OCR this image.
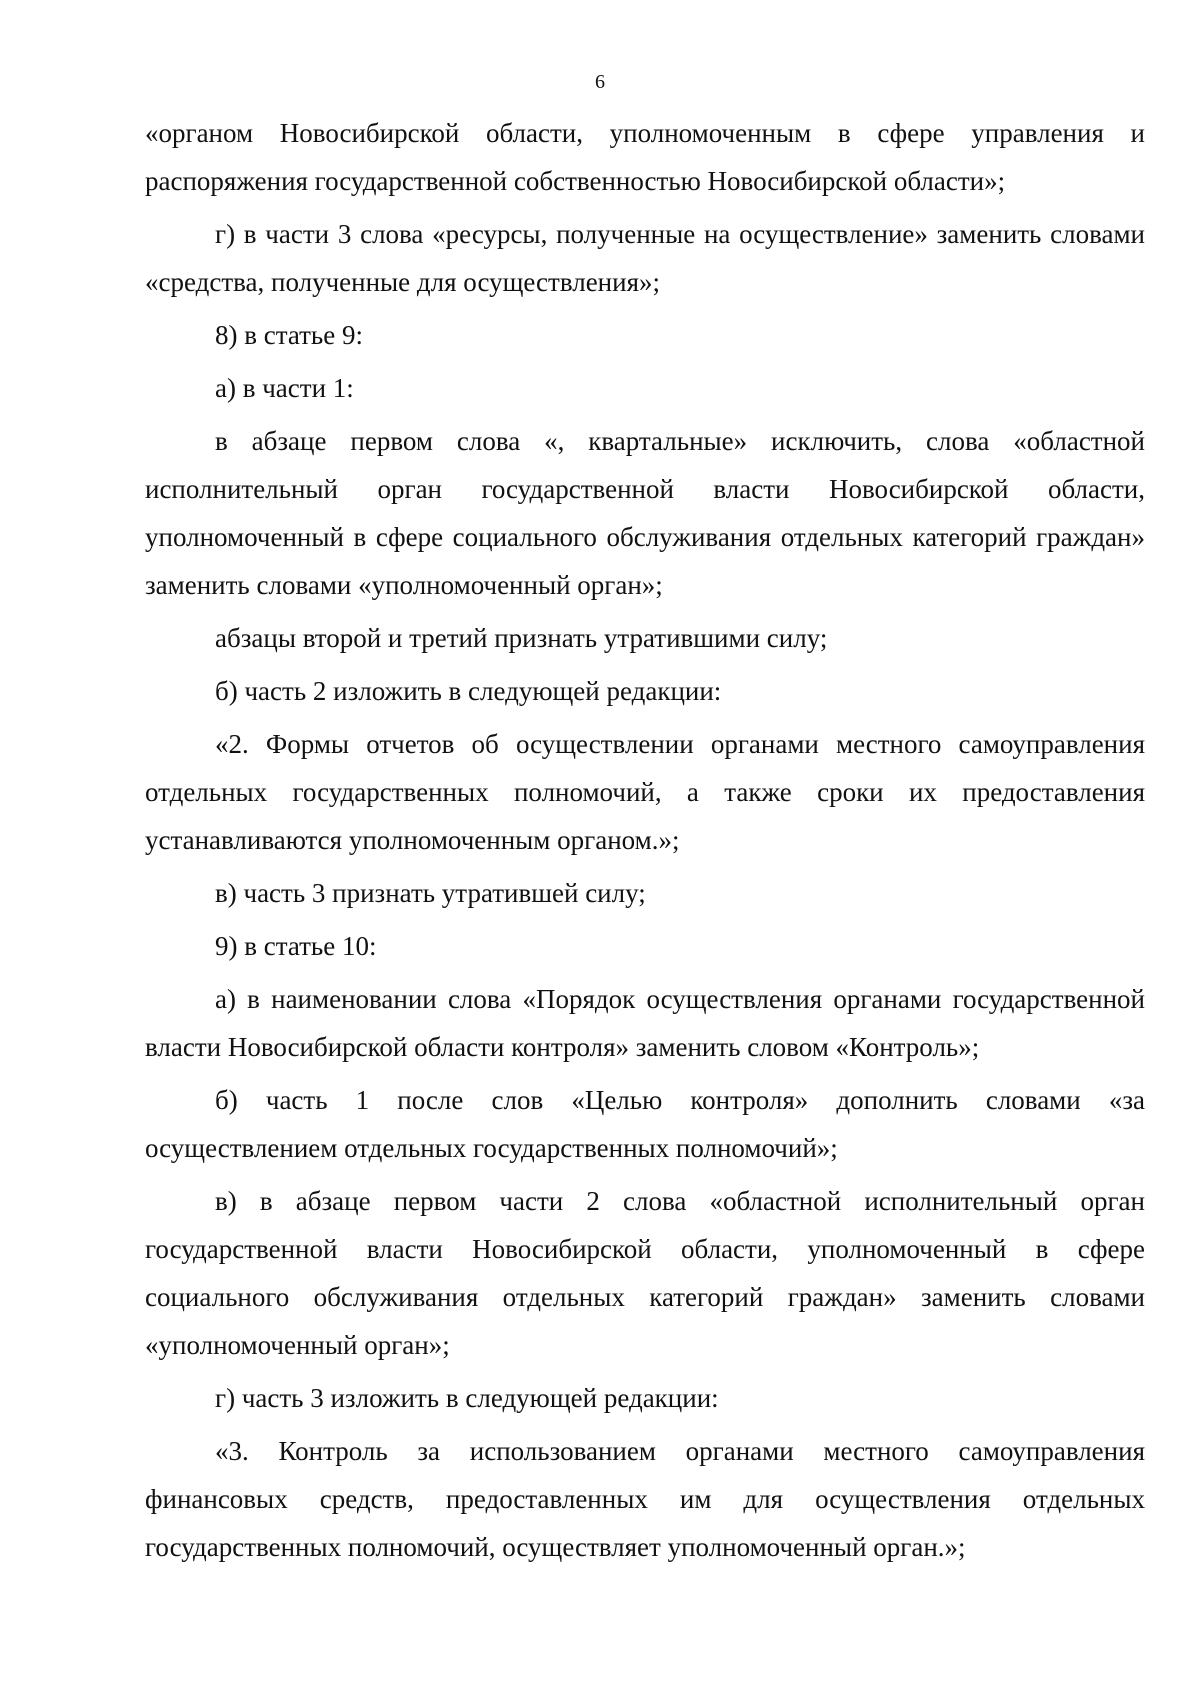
6

«органом Новосибирской области, уполномоченным в сфере управления и распоряжения государственной собственностью Новосибирской области»;

г) в части 3 слова «ресурсы, полученные на осуществление» заменить словами «средства, полученные для осуществления»;

8) в статье 9:

а) в части 1:

в абзаце первом слова «, квартальные» исключить, слова «областной исполнительный орган государственной власти Новосибирской области, уполномоченный в сфере социального обслуживания отдельных категорий граждан» заменить словами «уполномоченный орган»;

абзацы второй и третий признать утратившими силу;

б) часть 2 изложить в следующей редакции:

«2. Формы отчетов об осуществлении органами местного самоуправления отдельных государственных полномочий, а также сроки их предоставления устанавливаются уполномоченным органом.»;

в) часть 3 признать утратившей силу;

9) в статье 10:

а) в наименовании слова «Порядок осуществления органами государственной власти Новосибирской области контроля» заменить словом «Контроль»;

б) часть 1 после слов «Целью контроля» дополнить словами «за осуществлением отдельных государственных полномочий»;

в) в абзаце первом части 2 слова «областной исполнительный орган государственной власти Новосибирской области, уполномоченный в сфере социального обслуживания отдельных категорий граждан» заменить словами «уполномоченный орган»;

г) часть 3 изложить в следующей редакции:

«3. Контроль за использованием органами местного самоуправления финансовых средств, предоставленных им для осуществления отдельных государственных полномочий, осуществляет уполномоченный орган.»;
